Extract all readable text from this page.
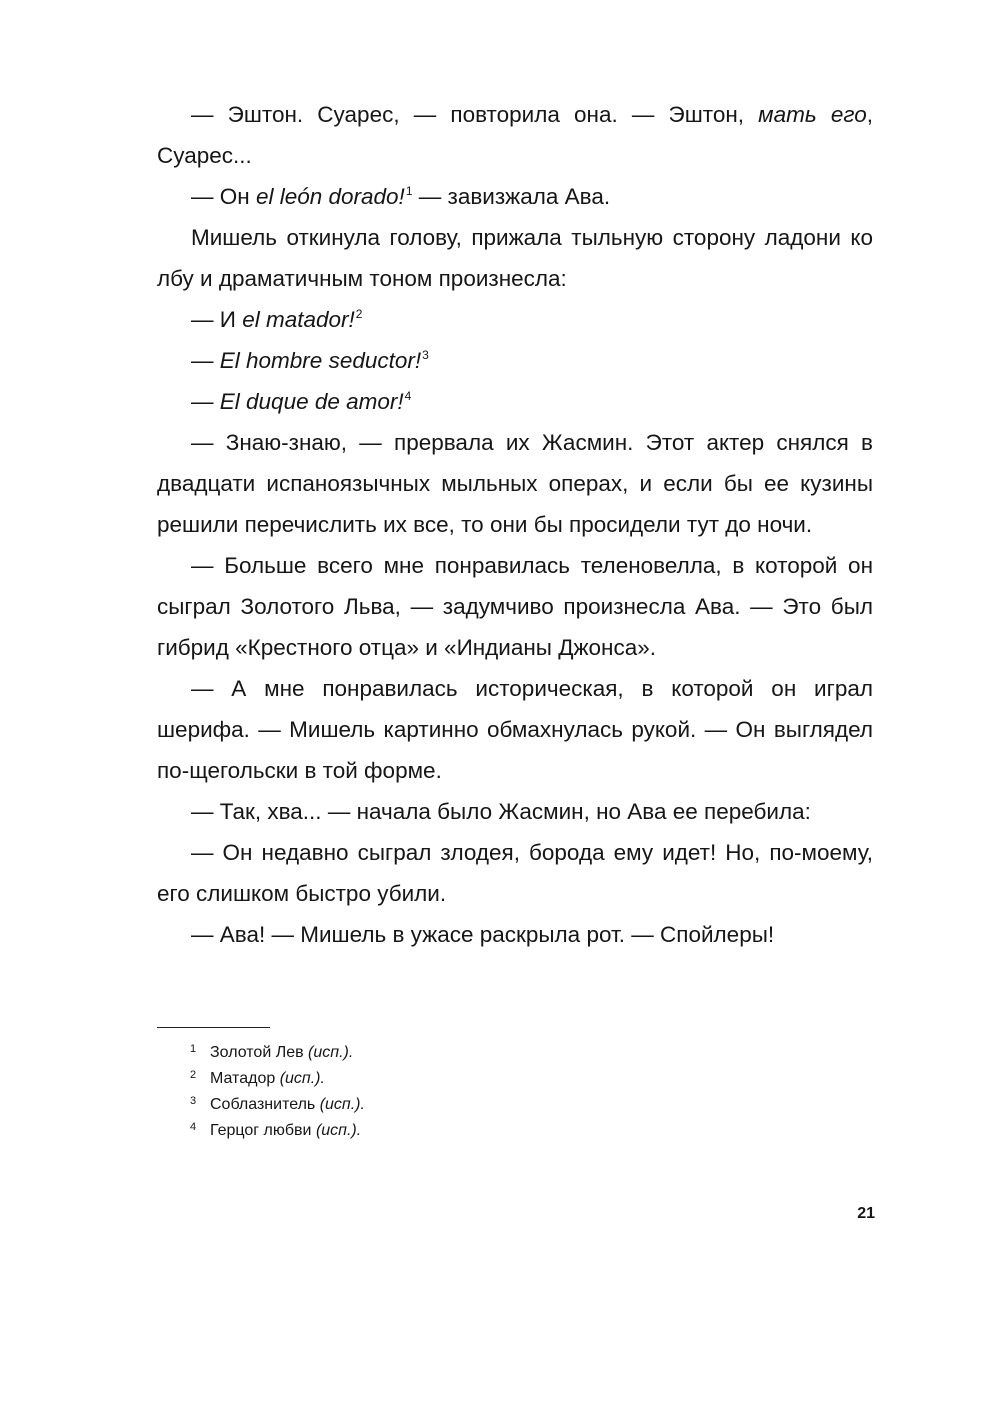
— Эштон. Суарес, — повторила она. — Эштон, мать его, Суарес...

— Он el león dorado!$^1$ — завизжала Ава.

Мишель откинула голову, прижала тыльную сторону ладони ко лбу и драматичным тоном произнесла:

— И el matador!$^2$

— El hombre seductor!$^3$

— El duque de amor!$^4$

— Знаю-знаю, — прервала их Жасмин. Этот актер снялся в двадцати испаноязычных мыльных операх, и если бы ее кузины решили перечислить их все, то они бы просидели тут до ночи.

— Больше всего мне понравилась теленовелла, в которой он сыграл Золотого Льва, — задумчиво произнесла Ава. — Это был гибрид «Крестного отца» и «Индианы Джонса».

— А мне понравилась историческая, в которой он играл шерифа. — Мишель картинно обмахнулась рукой. — Он выглядел по-щегольски в той форме.

— Так, хва... — начала было Жасмин, но Ава ее перебила:

— Он недавно сыграл злодея, борода ему идет! Но, по-моему, его слишком быстро убили.

— Ава! — Мишель в ужасе раскрыла рот. — Спойлеры!

1 Золотой Лев (исп.).
2 Матадор (исп.).
3 Соблазнитель (исп.).
4 Герцог любви (исп.).
21
